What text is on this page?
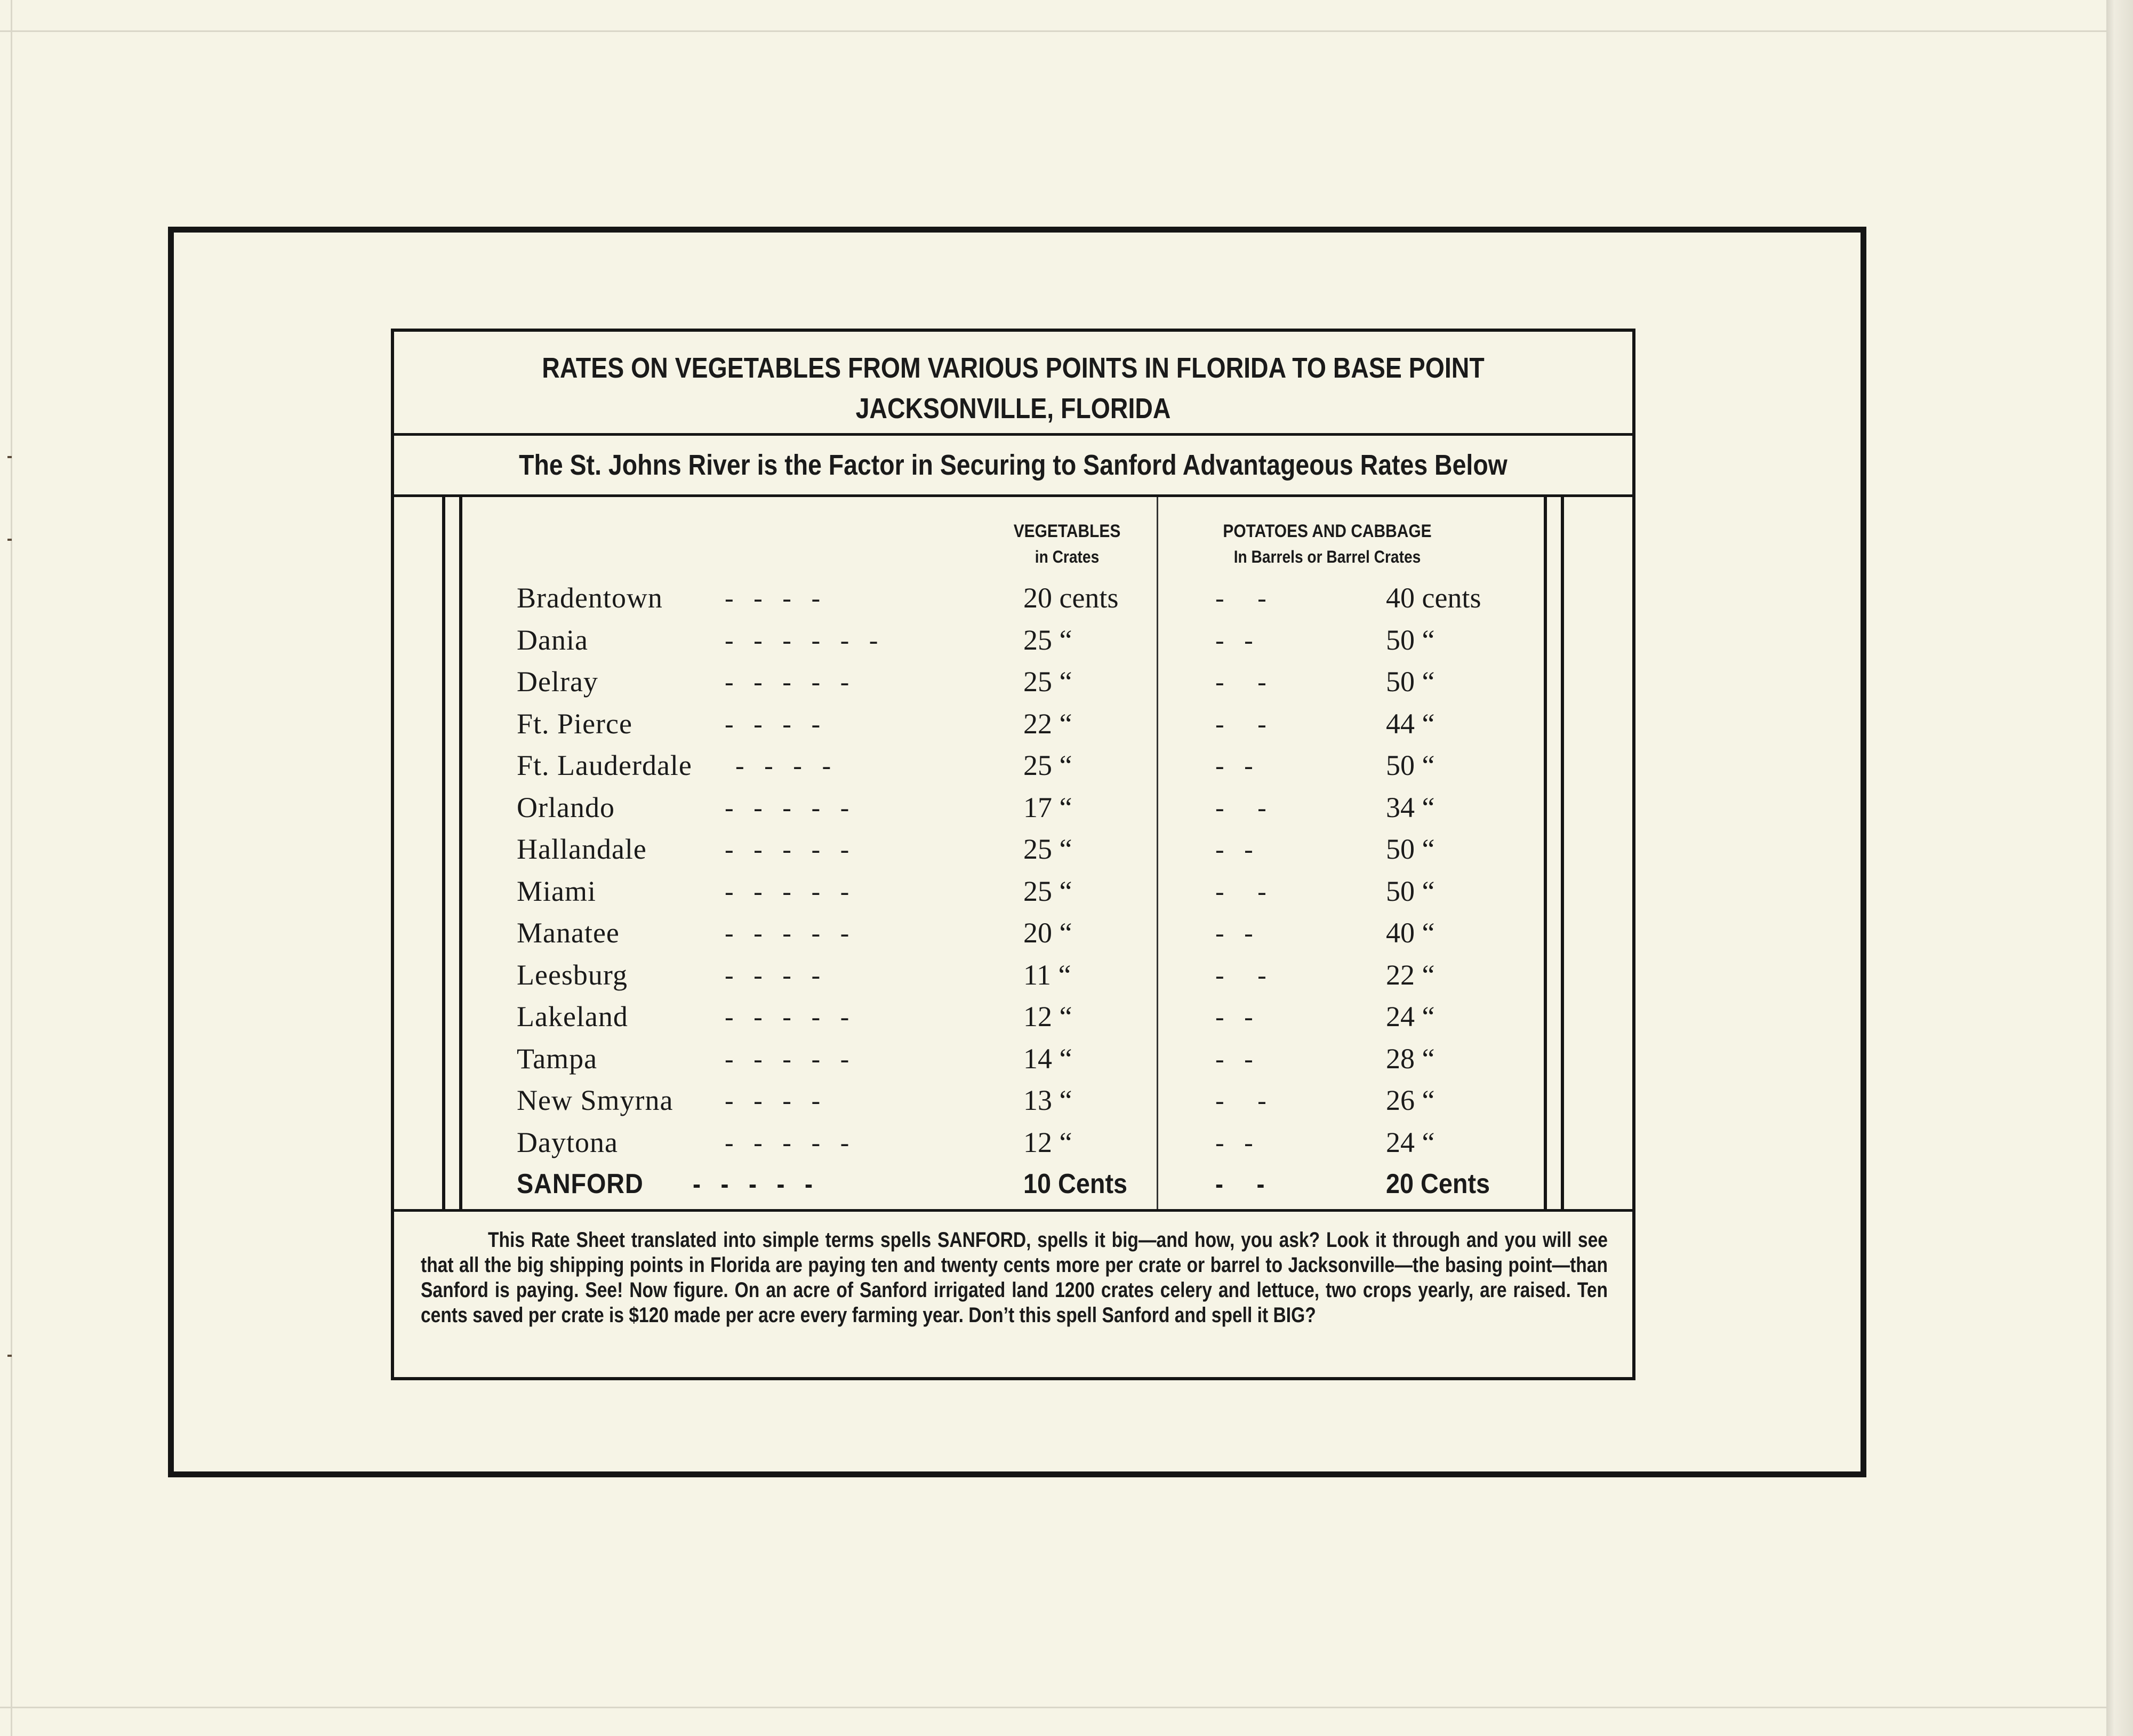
RATES ON VEGETABLES FROM VARIOUS POINTS IN FLORIDA TO BASE POINT
JACKSONVILLE, FLORIDA
The St. Johns River is the Factor in Securing to Sanford Advantageous Rates Below
VEGETABLES
in Crates
POTATOES AND CABBAGE
In Barrels or Barrel Crates
Bradentown -   -   -   -	20 cents	-     -	40 cents
Dania	-   -   -   -   -   -	25 “	-   -	50 “
Delray	-   -   -   -   -	25 “	-     -	50 “
Ft. Pierce	-   -   -   -	22 “	-     -	44 “
Ft. Lauderdale -   -   -   -	25 “	-   -	50 “
Orlando	-   -   -   -   -	17 “	-     -	34 “
Hallandale	-   -   -   -   -	25 “	-   -	50 “
Miami	-   -   -   -   -	25 “	-     -	50 “
Manatee	-   -   -   -   -	20 “	-   -	40 “
Leesburg	-   -   -   -	11 “	-     -	22 “
Lakeland	-   -   -   -   -	12 “	-   -	24 “
Tampa	-   -   -   -   -	14 “	-   -	28 “
New Smyrna -   -   -   -	13 “	-     -	26 “
Daytona	-   -   -   -   -	12 “	-   -	24 “
SANFORD -   -   -   -   -	10 Cents	-     -	20 Cents
This Rate Sheet translated into simple terms spells SANFORD, spells it big—and how, you ask? Look it through and you will see that all the big shipping points in Florida are paying ten and twenty cents more per crate or barrel to Jacksonville—the basing point—than Sanford is paying. See! Now figure. On an acre of Sanford irrigated land 1200 crates celery and lettuce, two crops yearly, are raised. Ten cents saved per crate is $120 made per acre every farming year. Don’t this spell Sanford and spell it BIG?
